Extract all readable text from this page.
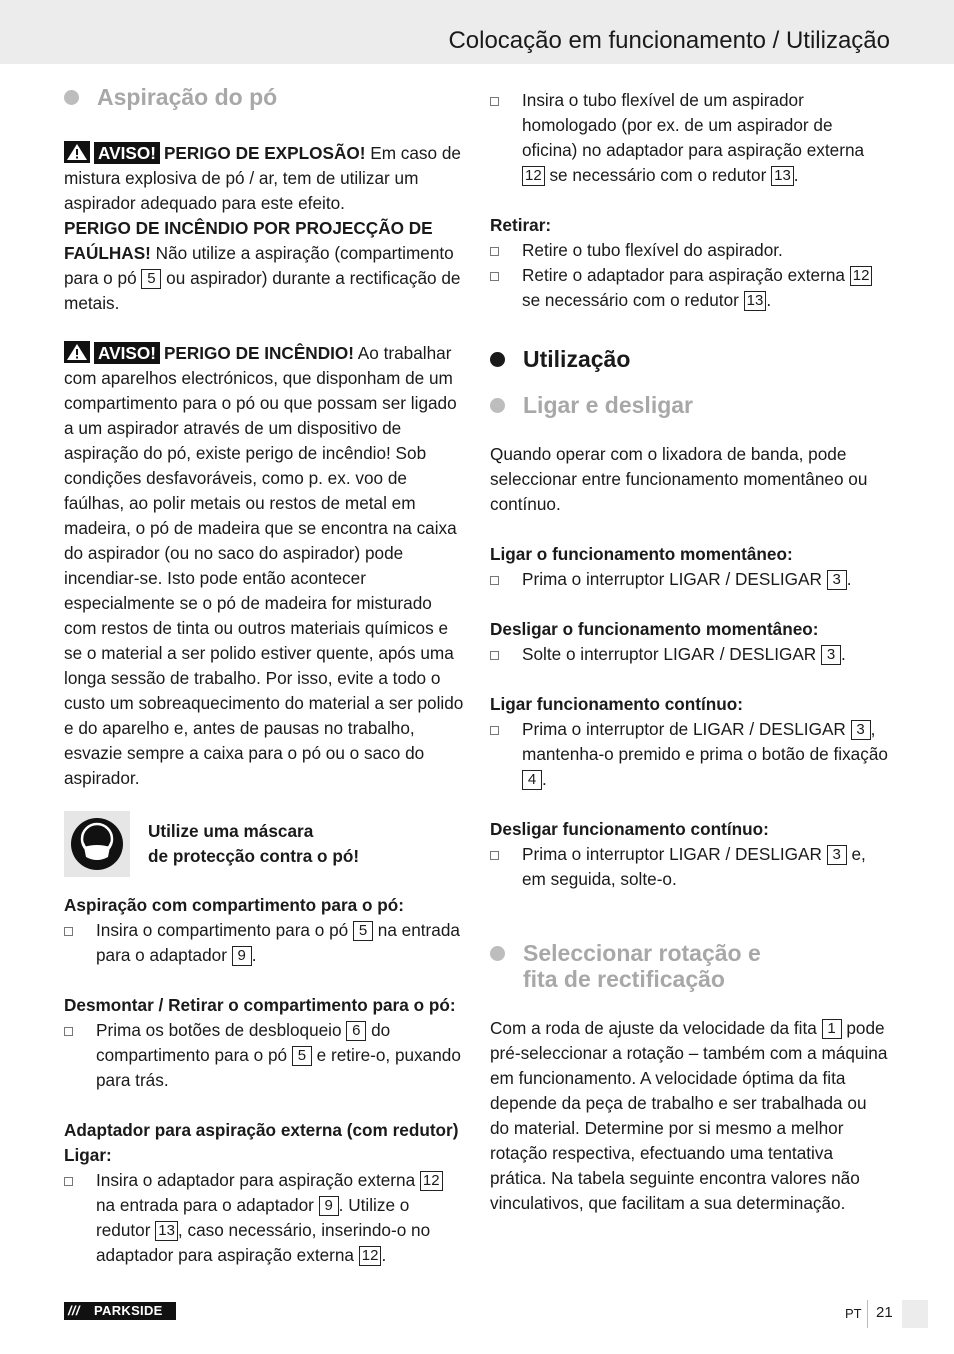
Colocação em funcionamento / Utilização
Aspiração do pó
AVISO! PERIGO DE EXPLOSÃO! Em caso de mistura explosiva de pó / ar, tem de utilizar um aspirador adequado para este efeito.
PERIGO DE INCÊNDIO POR PROJECÇÃO DE FAÚLHAS! Não utilize a aspiração (compartimento para o pó 5 ou aspirador) durante a rectificação de metais.
AVISO! PERIGO DE INCÊNDIO! Ao trabalhar com aparelhos electrónicos, que disponham de um compartimento para o pó ou que possam ser ligado a um aspirador através de um dispositivo de aspiração do pó, existe perigo de incêndio! Sob condições desfavoráveis, como p. ex. voo de faúlhas, ao polir metais ou restos de metal em madeira, o pó de madeira que se encontra na caixa do aspirador (ou no saco do aspirador) pode incendiar-se. Isto pode então acontecer especialmente se o pó de madeira for misturado com restos de tinta ou outros materiais químicos e se o material a ser polido estiver quente, após uma longa sessão de trabalho. Por isso, evite a todo o custo um sobreaquecimento do material a ser polido e do aparelho e, antes de pausas no trabalho, esvazie sempre a caixa para o pó ou o saco do aspirador.
Utilize uma máscara
de protecção contra o pó!
Aspiração com compartimento para o pó:
Insira o compartimento para o pó 5 na entrada para o adaptador 9 .
Desmontar / Retirar o compartimento para o pó:
Prima os botões de desbloqueio 6 do compartimento para o pó 5 e retire-o, puxando para trás.
Adaptador para aspiração externa (com redutor)
Ligar:
Insira o adaptador para aspiração externa 12 na entrada para o adaptador 9 . Utilize o redutor 13 , caso necessário, inserindo-o no adaptador para aspiração externa 12 .
Insira o tubo flexível de um aspirador homologado (por ex. de um aspirador de oficina) no adaptador para aspiração externa 12 se necessário com o redutor 13 .
Retirar:
Retire o tubo flexível do aspirador.
Retire o adaptador para aspiração externa 12 se necessário com o redutor 13 .
Utilização
Ligar e desligar
Quando operar com o lixadora de banda, pode seleccionar entre funcionamento momentâneo ou contínuo.
Ligar o funcionamento momentâneo:
Prima o interruptor LIGAR / DESLIGAR 3 .
Desligar o funcionamento momentâneo:
Solte o interruptor LIGAR / DESLIGAR 3 .
Ligar funcionamento contínuo:
Prima o interruptor de LIGAR / DESLIGAR 3 , mantenha-o premido e prima o botão de fixação 4 .
Desligar funcionamento contínuo:
Prima o interruptor LIGAR / DESLIGAR 3 e, em seguida, solte-o.
Seleccionar rotação e
fita de rectificação
Com a roda de ajuste da velocidade da fita 1 pode pré-seleccionar a rotação – também com a máquina em funcionamento. A velocidade óptima da fita depende da peça de trabalho e ser trabalhada ou do material. Determine por si mesmo a melhor rotação respectiva, efectuando uma tentativa prática. Na tabela seguinte encontra valores não vinculativos, que facilitam a sua determinação.
/// PARKSIDE	PT 21
